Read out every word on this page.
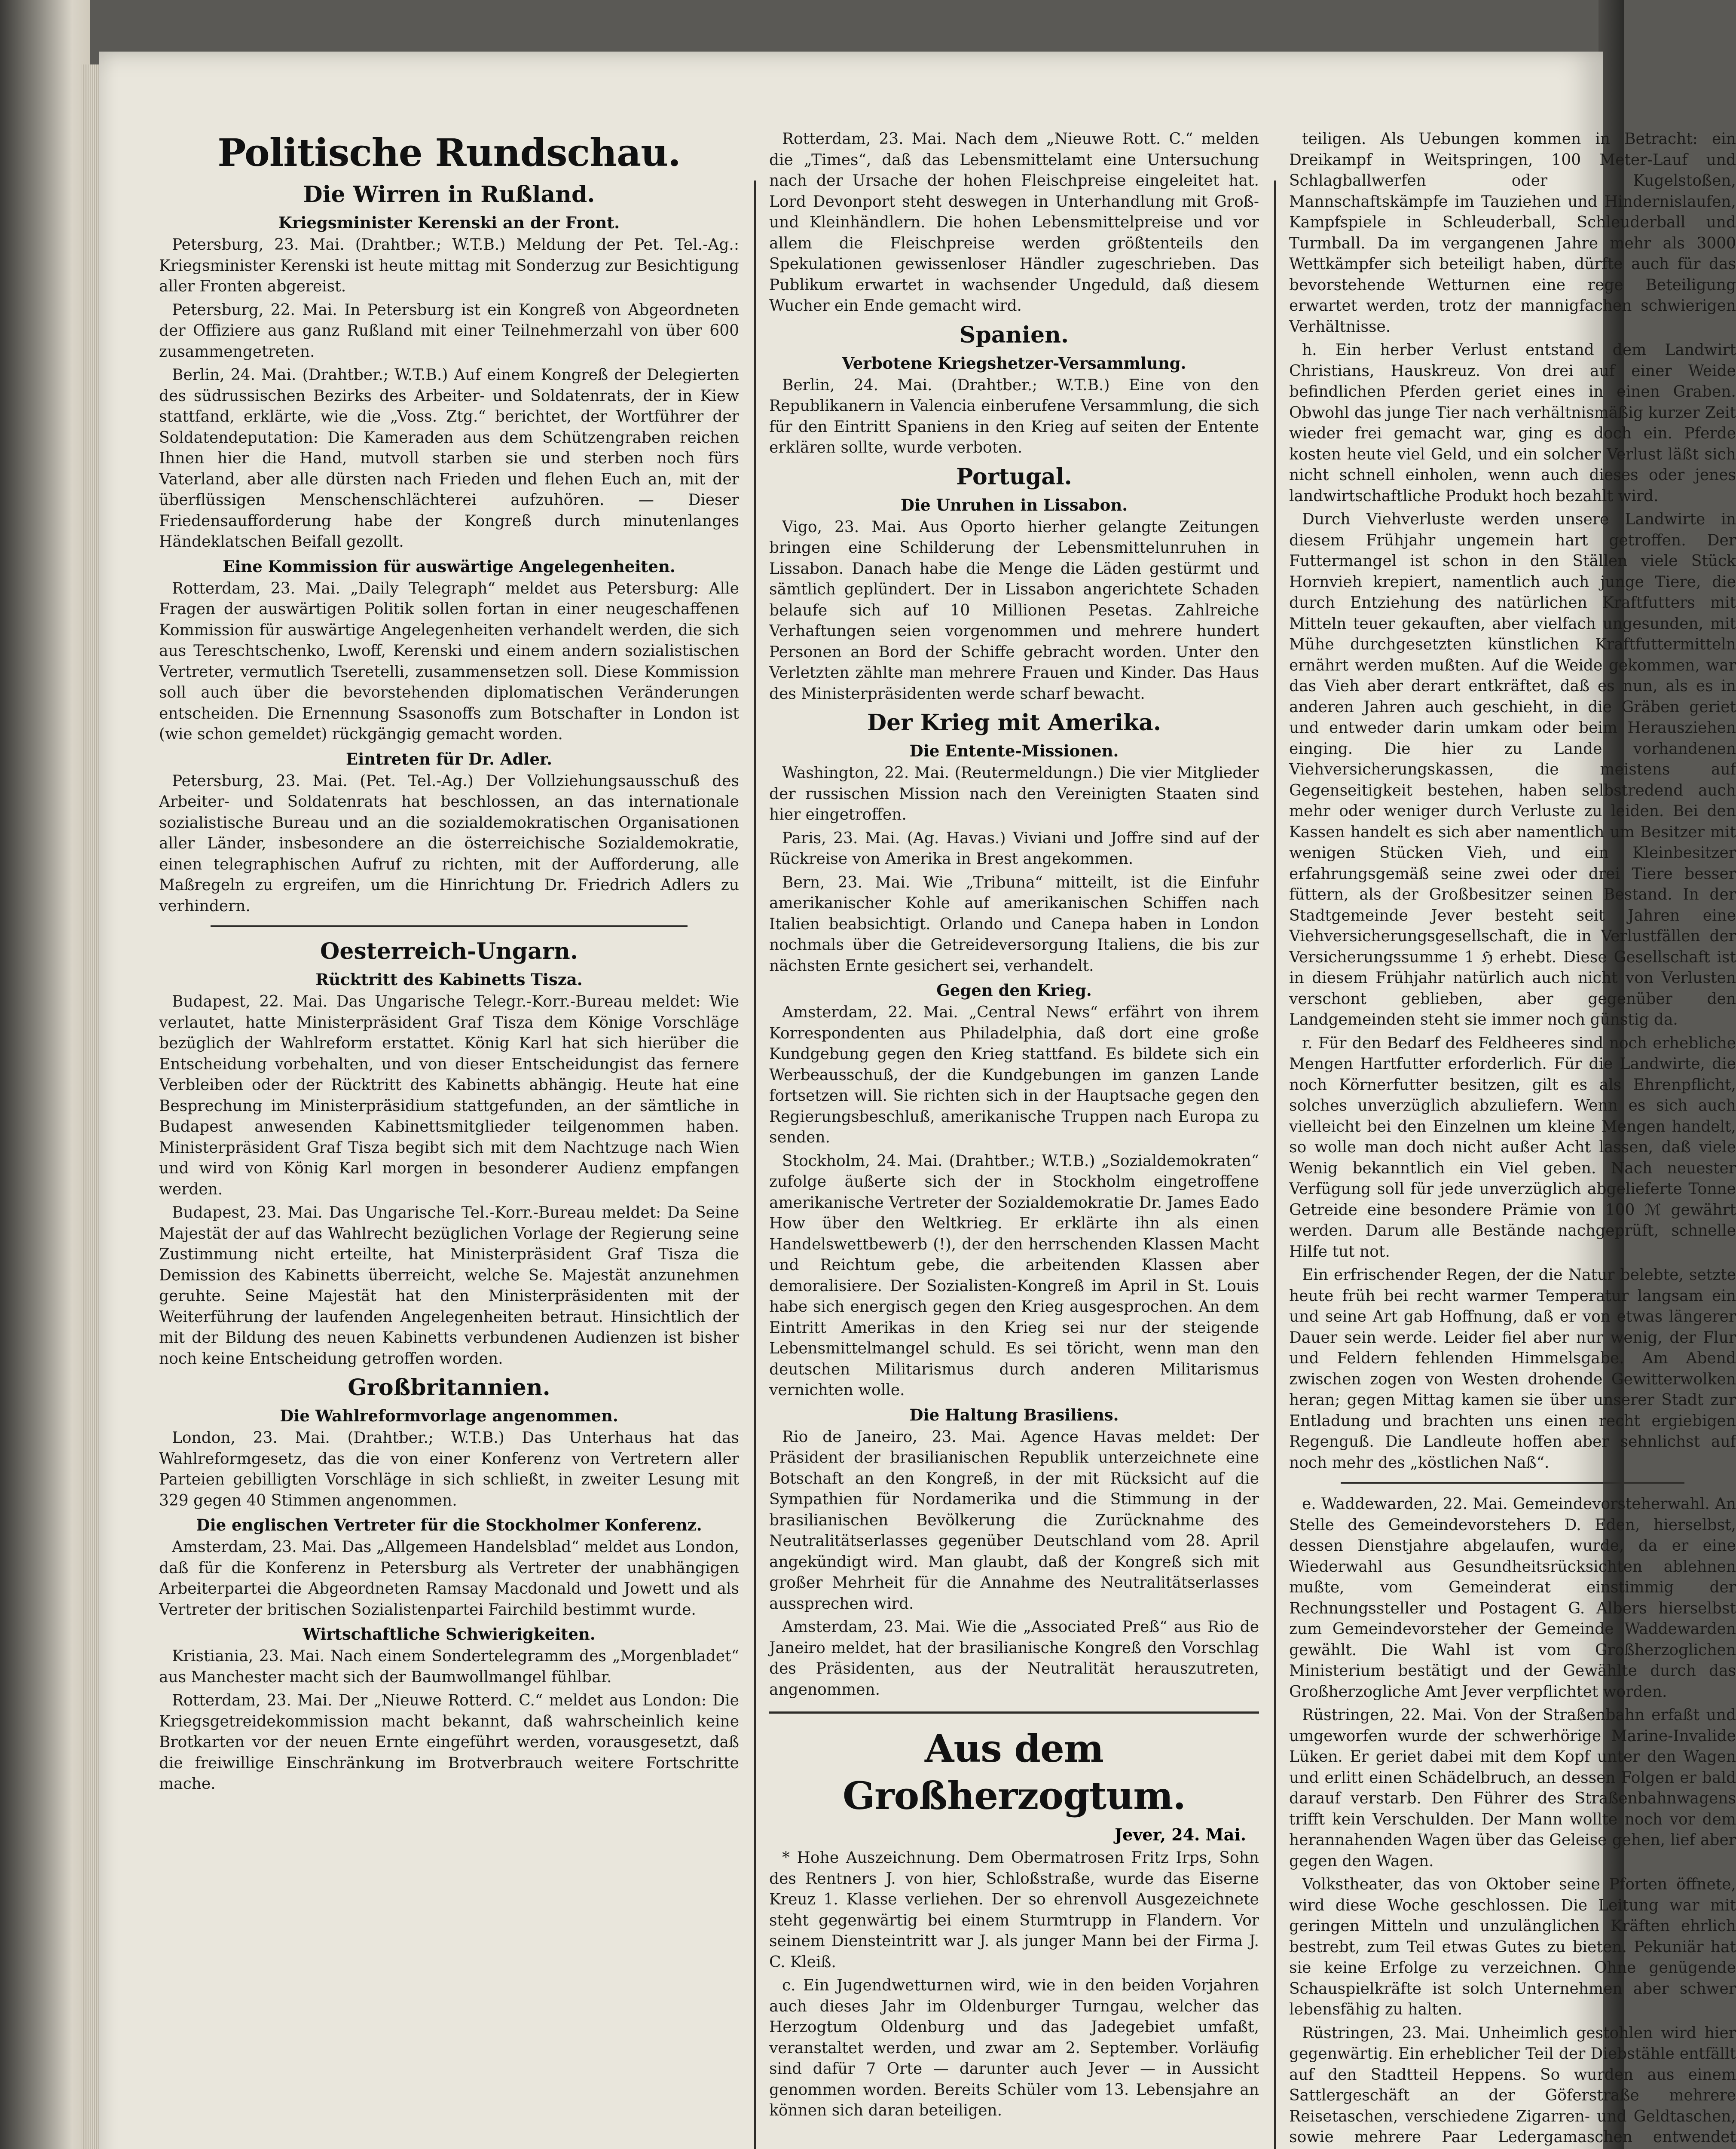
Politische Rundschau.
Die Wirren in Rußland.
Kriegsminister Kerenski an der Front.

Petersburg, 23. Mai. (Drahtber.; W.T.B.) Meldung der Pet. Tel.-Ag.: Kriegsminister Kerenski ist heute mittag mit Sonderzug zur Besichtigung aller Fronten abgereist.

Petersburg, 22. Mai. In Petersburg ist ein Kongreß von Abgeordneten der Offiziere aus ganz Rußland mit einer Teilnehmerzahl von über 600 zusammengetreten.

Berlin, 24. Mai. (Drahtber.; W.T.B.) Auf einem Kongreß der Delegierten des südrussischen Bezirks des Arbeiter- und Soldatenrats, der in Kiew stattfand, erklärte, wie die „Voss. Ztg.“ berichtet, der Wortführer der Soldatendeputation: Die Kameraden aus dem Schützengraben reichen Ihnen hier die Hand, mutvoll starben sie und sterben noch fürs Vaterland, aber alle dürsten nach Frieden und flehen Euch an, mit der überflüssigen Menschenschlächterei aufzuhören. — Dieser Friedensaufforderung habe der Kongreß durch minutenlanges Händeklatschen Beifall gezollt.

Eine Kommission für auswärtige Angelegenheiten.

Rotterdam, 23. Mai. „Daily Telegraph“ meldet aus Petersburg: Alle Fragen der auswärtigen Politik sollen fortan in einer neugeschaffenen Kommission für auswärtige Angelegenheiten verhandelt werden, die sich aus Tereschtschenko, Lwoff, Kerenski und einem andern sozialistischen Vertreter, vermutlich Tseretelli, zusammensetzen soll. Diese Kommission soll auch über die bevorstehenden diplomatischen Veränderungen entscheiden. Die Ernennung Ssasonoffs zum Botschafter in London ist (wie schon gemeldet) rückgängig gemacht worden.

Eintreten für Dr. Adler.

Petersburg, 23. Mai. (Pet. Tel.-Ag.) Der Vollziehungsausschuß des Arbeiter- und Soldatenrats hat beschlossen, an das internationale sozialistische Bureau und an die sozialdemokratischen Organisationen aller Länder, insbesondere an die österreichische Sozialdemokratie, einen telegraphischen Aufruf zu richten, mit der Aufforderung, alle Maßregeln zu ergreifen, um die Hinrichtung Dr. Friedrich Adlers zu verhindern.

Oesterreich-Ungarn.
Rücktritt des Kabinetts Tisza.

Budapest, 22. Mai. Das Ungarische Telegr.-Korr.-Bureau meldet: Wie verlautet, hatte Ministerpräsident Graf Tisza dem Könige Vorschläge bezüglich der Wahlreform erstattet. König Karl hat sich hierüber die Entscheidung vorbehalten, und von dieser Entscheidungist das fernere Verbleiben oder der Rücktritt des Kabinetts abhängig. Heute hat eine Besprechung im Ministerpräsidium stattgefunden, an der sämtliche in Budapest anwesenden Kabinettsmitglieder teilgenommen haben. Ministerpräsident Graf Tisza begibt sich mit dem Nachtzuge nach Wien und wird von König Karl morgen in besonderer Audienz empfangen werden.

Budapest, 23. Mai. Das Ungarische Tel.-Korr.-Bureau meldet: Da Seine Majestät der auf das Wahlrecht bezüglichen Vorlage der Regierung seine Zustimmung nicht erteilte, hat Ministerpräsident Graf Tisza die Demission des Kabinetts überreicht, welche Se. Majestät anzunehmen geruhte. Seine Majestät hat den Ministerpräsidenten mit der Weiterführung der laufenden Angelegenheiten betraut. Hinsichtlich der mit der Bildung des neuen Kabinetts verbundenen Audienzen ist bisher noch keine Entscheidung getroffen worden.

Großbritannien.
Die Wahlreformvorlage angenommen.

London, 23. Mai. (Drahtber.; W.T.B.) Das Unterhaus hat das Wahlreformgesetz, das die von einer Konferenz von Vertretern aller Parteien gebilligten Vorschläge in sich schließt, in zweiter Lesung mit 329 gegen 40 Stimmen angenommen.

Die englischen Vertreter für die Stockholmer Konferenz.

Amsterdam, 23. Mai. Das „Allgemeen Handelsblad“ meldet aus London, daß für die Konferenz in Petersburg als Vertreter der unabhängigen Arbeiterpartei die Abgeordneten Ramsay Macdonald und Jowett und als Vertreter der britischen Sozialistenpartei Fairchild bestimmt wurde.

Wirtschaftliche Schwierigkeiten.

Kristiania, 23. Mai. Nach einem Sondertelegramm des „Morgenbladet“ aus Manchester macht sich der Baumwollmangel fühlbar.

Rotterdam, 23. Mai. Der „Nieuwe Rotterd. C.“ meldet aus London: Die Kriegsgetreidekommission macht bekannt, daß wahrscheinlich keine Brotkarten vor der neuen Ernte eingeführt werden, vorausgesetzt, daß die freiwillige Einschränkung im Brotverbrauch weitere Fortschritte mache.

Rotterdam, 23. Mai. Nach dem „Nieuwe Rott. C.“ melden die „Times“, daß das Lebensmittelamt eine Untersuchung nach der Ursache der hohen Fleischpreise eingeleitet hat. Lord Devonport steht deswegen in Unterhandlung mit Groß- und Kleinhändlern. Die hohen Lebensmittelpreise und vor allem die Fleischpreise werden größtenteils den Spekulationen gewissenloser Händler zugeschrieben. Das Publikum erwartet in wachsender Ungeduld, daß diesem Wucher ein Ende gemacht wird.

Spanien.
Verbotene Kriegshetzer-Versammlung.

Berlin, 24. Mai. (Drahtber.; W.T.B.) Eine von den Republikanern in Valencia einberufene Versammlung, die sich für den Eintritt Spaniens in den Krieg auf seiten der Entente erklären sollte, wurde verboten.

Portugal.
Die Unruhen in Lissabon.

Vigo, 23. Mai. Aus Oporto hierher gelangte Zeitungen bringen eine Schilderung der Lebensmittelunruhen in Lissabon. Danach habe die Menge die Läden gestürmt und sämtlich geplündert. Der in Lissabon angerichtete Schaden belaufe sich auf 10 Millionen Pesetas. Zahlreiche Verhaftungen seien vorgenommen und mehrere hundert Personen an Bord der Schiffe gebracht worden. Unter den Verletzten zählte man mehrere Frauen und Kinder. Das Haus des Ministerpräsidenten werde scharf bewacht.

Der Krieg mit Amerika.
Die Entente-Missionen.

Washington, 22. Mai. (Reutermeldungn.) Die vier Mitglieder der russischen Mission nach den Vereinigten Staaten sind hier eingetroffen.

Paris, 23. Mai. (Ag. Havas.) Viviani und Joffre sind auf der Rückreise von Amerika in Brest angekommen.

Bern, 23. Mai. Wie „Tribuna“ mitteilt, ist die Einfuhr amerikanischer Kohle auf amerikanischen Schiffen nach Italien beabsichtigt. Orlando und Canepa haben in London nochmals über die Getreideversorgung Italiens, die bis zur nächsten Ernte gesichert sei, verhandelt.

Gegen den Krieg.

Amsterdam, 22. Mai. „Central News“ erfährt von ihrem Korrespondenten aus Philadelphia, daß dort eine große Kundgebung gegen den Krieg stattfand. Es bildete sich ein Werbeausschuß, der die Kundgebungen im ganzen Lande fortsetzen will. Sie richten sich in der Hauptsache gegen den Regierungsbeschluß, amerikanische Truppen nach Europa zu senden.

Stockholm, 24. Mai. (Drahtber.; W.T.B.) „Sozialdemokraten“ zufolge äußerte sich der in Stockholm eingetroffene amerikanische Vertreter der Sozialdemokratie Dr. James Eado How über den Weltkrieg. Er erklärte ihn als einen Handelswettbewerb (!), der den herrschenden Klassen Macht und Reichtum gebe, die arbeitenden Klassen aber demoralisiere. Der Sozialisten-Kongreß im April in St. Louis habe sich energisch gegen den Krieg ausgesprochen. An dem Eintritt Amerikas in den Krieg sei nur der steigende Lebensmittelmangel schuld. Es sei töricht, wenn man den deutschen Militarismus durch anderen Militarismus vernichten wolle.

Die Haltung Brasiliens.

Rio de Janeiro, 23. Mai. Agence Havas meldet: Der Präsident der brasilianischen Republik unterzeichnete eine Botschaft an den Kongreß, in der mit Rücksicht auf die Sympathien für Nordamerika und die Stimmung in der brasilianischen Bevölkerung die Zurücknahme des Neutralitätserlasses gegenüber Deutschland vom 28. April angekündigt wird. Man glaubt, daß der Kongreß sich mit großer Mehrheit für die Annahme des Neutralitätserlasses aussprechen wird.

Amsterdam, 23. Mai. Wie die „Associated Preß“ aus Rio de Janeiro meldet, hat der brasilianische Kongreß den Vorschlag des Präsidenten, aus der Neutralität herauszutreten, angenommen.

Aus dem Großherzogtum.
Jever, 24. Mai.

* Hohe Auszeichnung. Dem Obermatrosen Fritz Irps, Sohn des Rentners J. von hier, Schloßstraße, wurde das Eiserne Kreuz 1. Klasse verliehen. Der so ehrenvoll Ausgezeichnete steht gegenwärtig bei einem Sturmtrupp in Flandern. Vor seinem Diensteintritt war J. als junger Mann bei der Firma J. C. Kleiß.

c. Ein Jugendwetturnen wird, wie in den beiden Vorjahren auch dieses Jahr im Oldenburger Turngau, welcher das Herzogtum Oldenburg und das Jadegebiet umfaßt, veranstaltet werden, und zwar am 2. September. Vorläufig sind dafür 7 Orte — darunter auch Jever — in Aussicht genommen worden. Bereits Schüler vom 13. Lebensjahre an können sich daran beteiligen.

teiligen. Als Uebungen kommen in Betracht: ein Dreikampf in Weitspringen, 100 Meter-Lauf und Schlagballwerfen oder Kugelstoßen, Mannschaftskämpfe im Tauziehen und Hindernislaufen, Kampfspiele in Schleuderball, Schleuderball und Turmball. Da im vergangenen Jahre mehr als 3000 Wettkämpfer sich beteiligt haben, dürfte auch für das bevorstehende Wetturnen eine rege Beteiligung erwartet werden, trotz der mannigfachen schwierigen Verhältnisse.

h. Ein herber Verlust entstand dem Landwirt Christians, Hauskreuz. Von drei auf einer Weide befindlichen Pferden geriet eines in einen Graben. Obwohl das junge Tier nach verhältnismäßig kurzer Zeit wieder frei gemacht war, ging es doch ein. Pferde kosten heute viel Geld, und ein solcher Verlust läßt sich nicht schnell einholen, wenn auch dieses oder jenes landwirtschaftliche Produkt hoch bezahlt wird.

Durch Viehverluste werden unsere Landwirte in diesem Frühjahr ungemein hart getroffen. Der Futtermangel ist schon in den Ställen viele Stück Hornvieh krepiert, namentlich auch junge Tiere, die durch Entziehung des natürlichen Kraftfutters mit Mitteln teuer gekauften, aber vielfach ungesunden, mit Mühe durchgesetzten künstlichen Kraftfuttermitteln ernährt werden mußten. Auf die Weide gekommen, war das Vieh aber derart entkräftet, daß es nun, als es in anderen Jahren auch geschieht, in die Gräben geriet und entweder darin umkam oder beim Herausziehen einging. Die hier zu Lande vorhandenen Viehversicherungskassen, die meistens auf Gegenseitigkeit bestehen, haben selbstredend auch mehr oder weniger durch Verluste zu leiden. Bei den Kassen handelt es sich aber namentlich um Besitzer mit wenigen Stücken Vieh, und ein Kleinbesitzer erfahrungsgemäß seine zwei oder drei Tiere besser füttern, als der Großbesitzer seinen Bestand. In der Stadtgemeinde Jever besteht seit Jahren eine Viehversicherungsgesellschaft, die in Verlustfällen der Versicherungssumme 1 ℌ erhebt. Diese Gesellschaft ist in diesem Frühjahr natürlich auch nicht von Verlusten verschont geblieben, aber gegenüber den Landgemeinden steht sie immer noch günstig da.

r. Für den Bedarf des Feldheeres sind noch erhebliche Mengen Hartfutter erforderlich. Für die Landwirte, die noch Körnerfutter besitzen, gilt es als Ehrenpflicht, solches unverzüglich abzuliefern. Wenn es sich auch vielleicht bei den Einzelnen um kleine Mengen handelt, so wolle man doch nicht außer Acht lassen, daß viele Wenig bekanntlich ein Viel geben. Nach neuester Verfügung soll für jede unverzüglich abgelieferte Tonne Getreide eine besondere Prämie von 100 ℳ gewährt werden. Darum alle Bestände nachgeprüft, schnelle Hilfe tut not.

Ein erfrischender Regen, der die Natur belebte, setzte heute früh bei recht warmer Temperatur langsam ein und seine Art gab Hoffnung, daß er von etwas längerer Dauer sein werde. Leider fiel aber nur wenig, der Flur und Feldern fehlenden Himmelsgabe. Am Abend zwischen zogen von Westen drohende Gewitterwolken heran; gegen Mittag kamen sie über unserer Stadt zur Entladung und brachten uns einen recht ergiebigen Regenguß. Die Landleute hoffen aber sehnlichst auf noch mehr des „köstlichen Naß“.

e. Waddewarden, 22. Mai. Gemeindevorsteherwahl. An Stelle des Gemeindevorstehers D. Eden, hierselbst, dessen Dienstjahre abgelaufen, wurde, da er eine Wiederwahl aus Gesundheitsrücksichten ablehnen mußte, vom Gemeinderat einstimmig der Rechnungssteller und Postagent G. Albers hierselbst zum Gemeindevorsteher der Gemeinde Waddewarden gewählt. Die Wahl ist vom Großherzoglichen Ministerium bestätigt und der Gewählte durch das Großherzogliche Amt Jever verpflichtet worden.

Rüstringen, 22. Mai. Von der Straßenbahn erfaßt und umgeworfen wurde der schwerhörige Marine-Invalide Lüken. Er geriet dabei mit dem Kopf unter den Wagen und erlitt einen Schädelbruch, an dessen Folgen er bald darauf verstarb. Den Führer des Straßenbahnwagens trifft kein Verschulden. Der Mann wollte noch vor dem herannahenden Wagen über das Geleise gehen, lief aber gegen den Wagen.

Volkstheater, das von Oktober seine Pforten öffnete, wird diese Woche geschlossen. Die Leitung war mit geringen Mitteln und unzulänglichen Kräften ehrlich bestrebt, zum Teil etwas Gutes zu bieten. Pekuniär hat sie keine Erfolge zu verzeichnen. Ohne genügende Schauspielkräfte ist solch Unternehmen aber schwer lebensfähig zu halten.

Rüstringen, 23. Mai. Unheimlich gestohlen wird hier gegenwärtig. Ein erheblicher Teil der Diebstähle entfällt auf den Stadtteil Heppens. So wurden aus einem Sattlergeschäft an der Göferstraße mehrere Reisetaschen, verschiedene Zigarren- und Geldtaschen, sowie mehrere Paar Ledergamaschen entwendet
